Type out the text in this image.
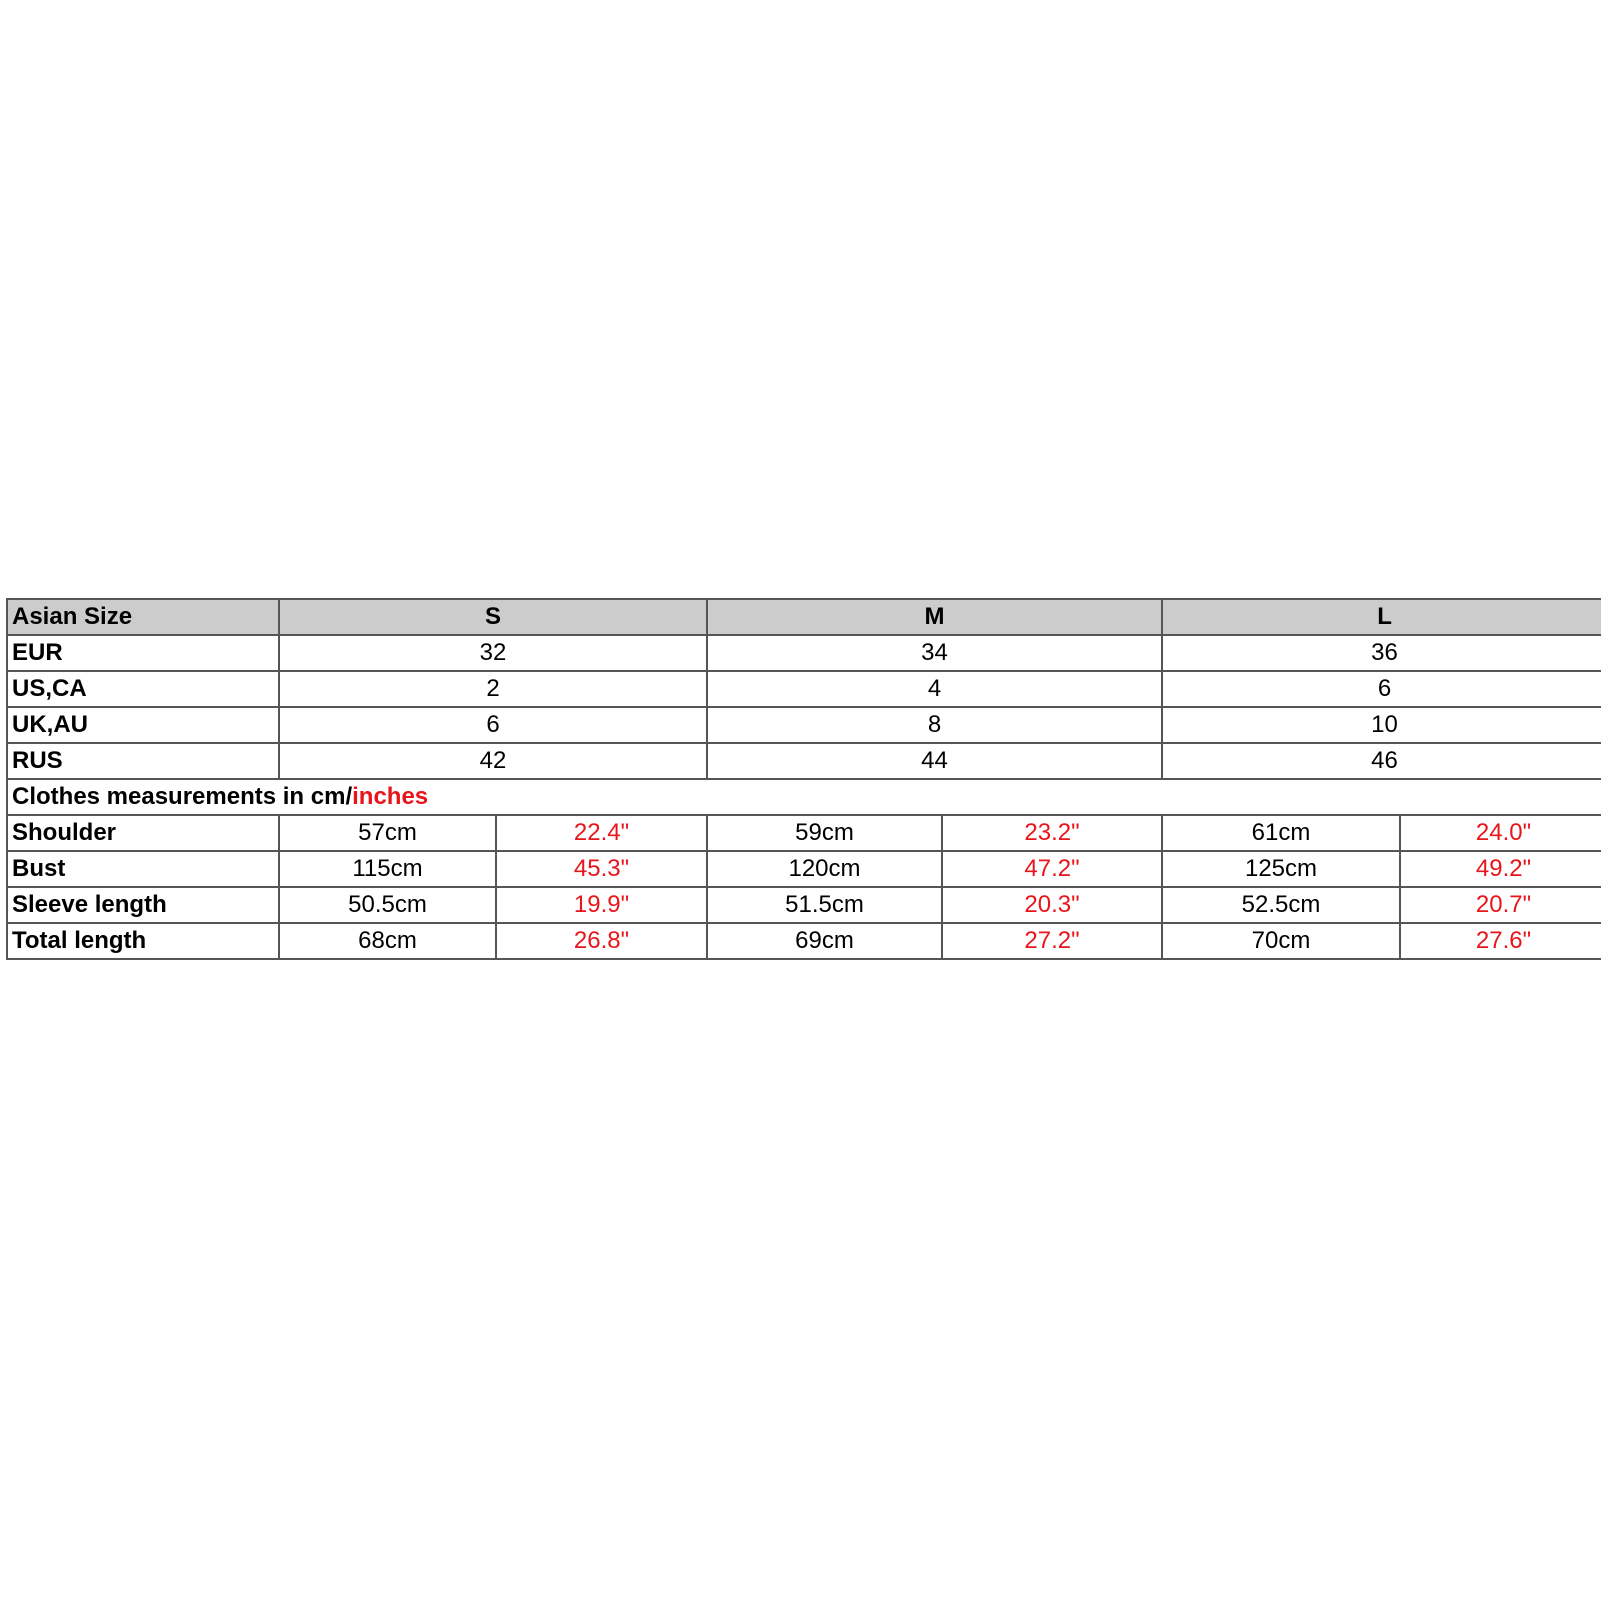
Asian Size	S		M		L	
EUR	32		34		36	
US,CA	2		4		6	
UK,AU	6		8		10	
RUS	42		44		46	
Clothes measurements in cm/inches						
Shoulder	57cm	22.4"	59cm	23.2"	61cm	24.0"
Bust	115cm	45.3"	120cm	47.2"	125cm	49.2"
Sleeve length	50.5cm	19.9"	51.5cm	20.3"	52.5cm	20.7"
Total length	68cm	26.8"	69cm	27.2"	70cm	27.6"
